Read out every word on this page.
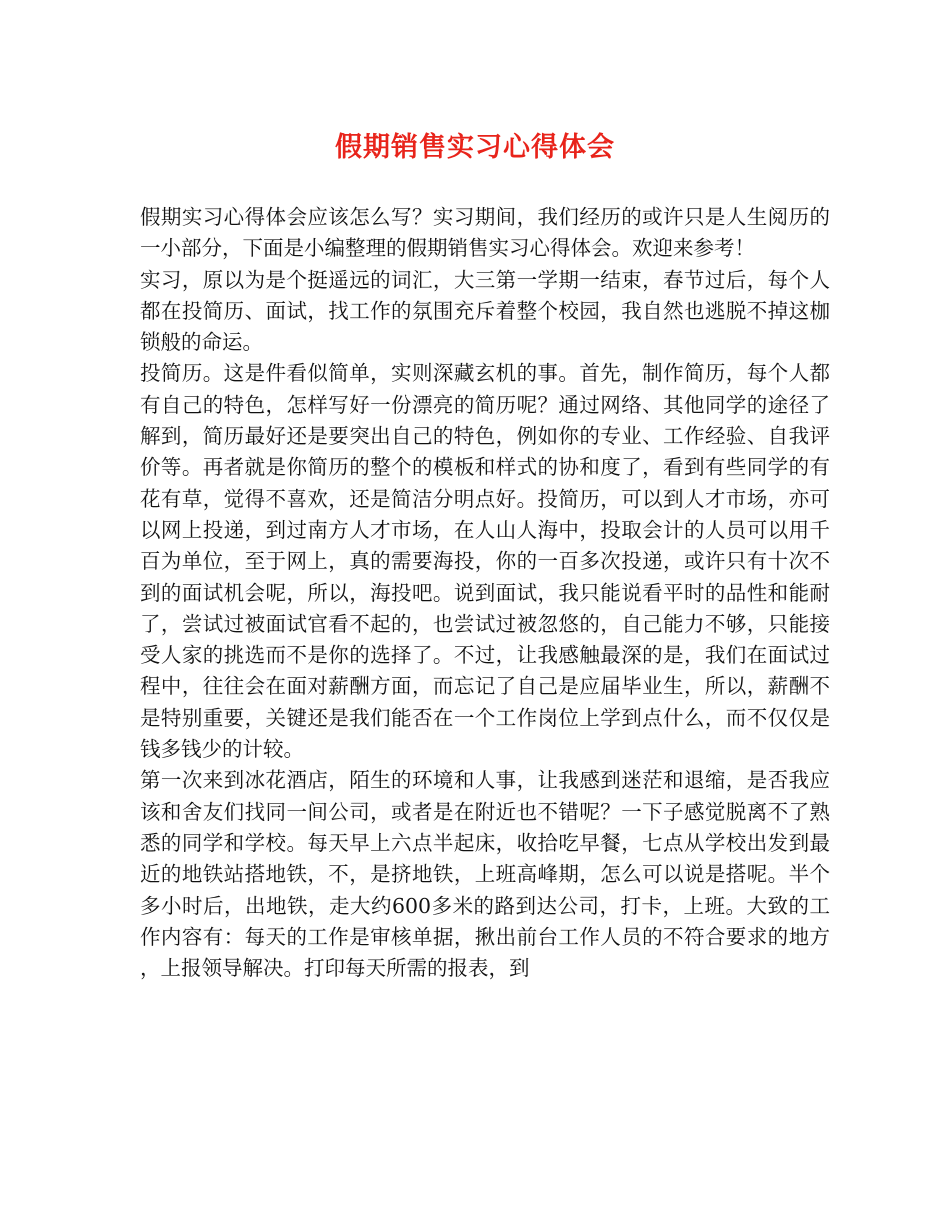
假期销售实习心得体会

假期实习心得体会应该怎么写？实习期间，我们经历的或许只是人生阅历的一小部分，下面是小编整理的假期销售实习心得体会。欢迎来参考！

实习，原以为是个挺遥远的词汇，大三第一学期一结束，春节过后，每个人都在投简历、面试，找工作的氛围充斥着整个校园，我自然也逃脱不掉这枷锁般的命运。

投简历。这是件看似简单，实则深藏玄机的事。首先，制作简历，每个人都有自己的特色，怎样写好一份漂亮的简历呢？通过网络、其他同学的途径了解到，简历最好还是要突出自己的特色，例如你的专业、工作经验、自我评价等。再者就是你简历的整个的模板和样式的协和度了，看到有些同学的有花有草，觉得不喜欢，还是简洁分明点好。投简历，可以到人才市场，亦可以网上投递，到过南方人才市场，在人山人海中，投取会计的人员可以用千百为单位，至于网上，真的需要海投，你的一百多次投递，或许只有十次不到的面试机会呢，所以，海投吧。说到面试，我只能说看平时的品性和能耐了，尝试过被面试官看不起的，也尝试过被忽悠的，自己能力不够，只能接受人家的挑选而不是你的选择了。不过，让我感触最深的是，我们在面试过程中，往往会在面对薪酬方面，而忘记了自己是应届毕业生，所以，薪酬不是特别重要，关键还是我们能否在一个工作岗位上学到点什么，而不仅仅是钱多钱少的计较。

第一次来到冰花酒店，陌生的环境和人事，让我感到迷茫和退缩，是否我应该和舍友们找同一间公司，或者是在附近也不错呢？一下子感觉脱离不了熟悉的同学和学校。每天早上六点半起床，收拾吃早餐，七点从学校出发到最近的地铁站搭地铁，不，是挤地铁，上班高峰期，怎么可以说是搭呢。半个多小时后，出地铁，走大约600多米的路到达公司，打卡，上班。大致的工作内容有：每天的工作是审核单据，揪出前台工作人员的不符合要求的地方，上报领导解决。打印每天所需的报表，到
